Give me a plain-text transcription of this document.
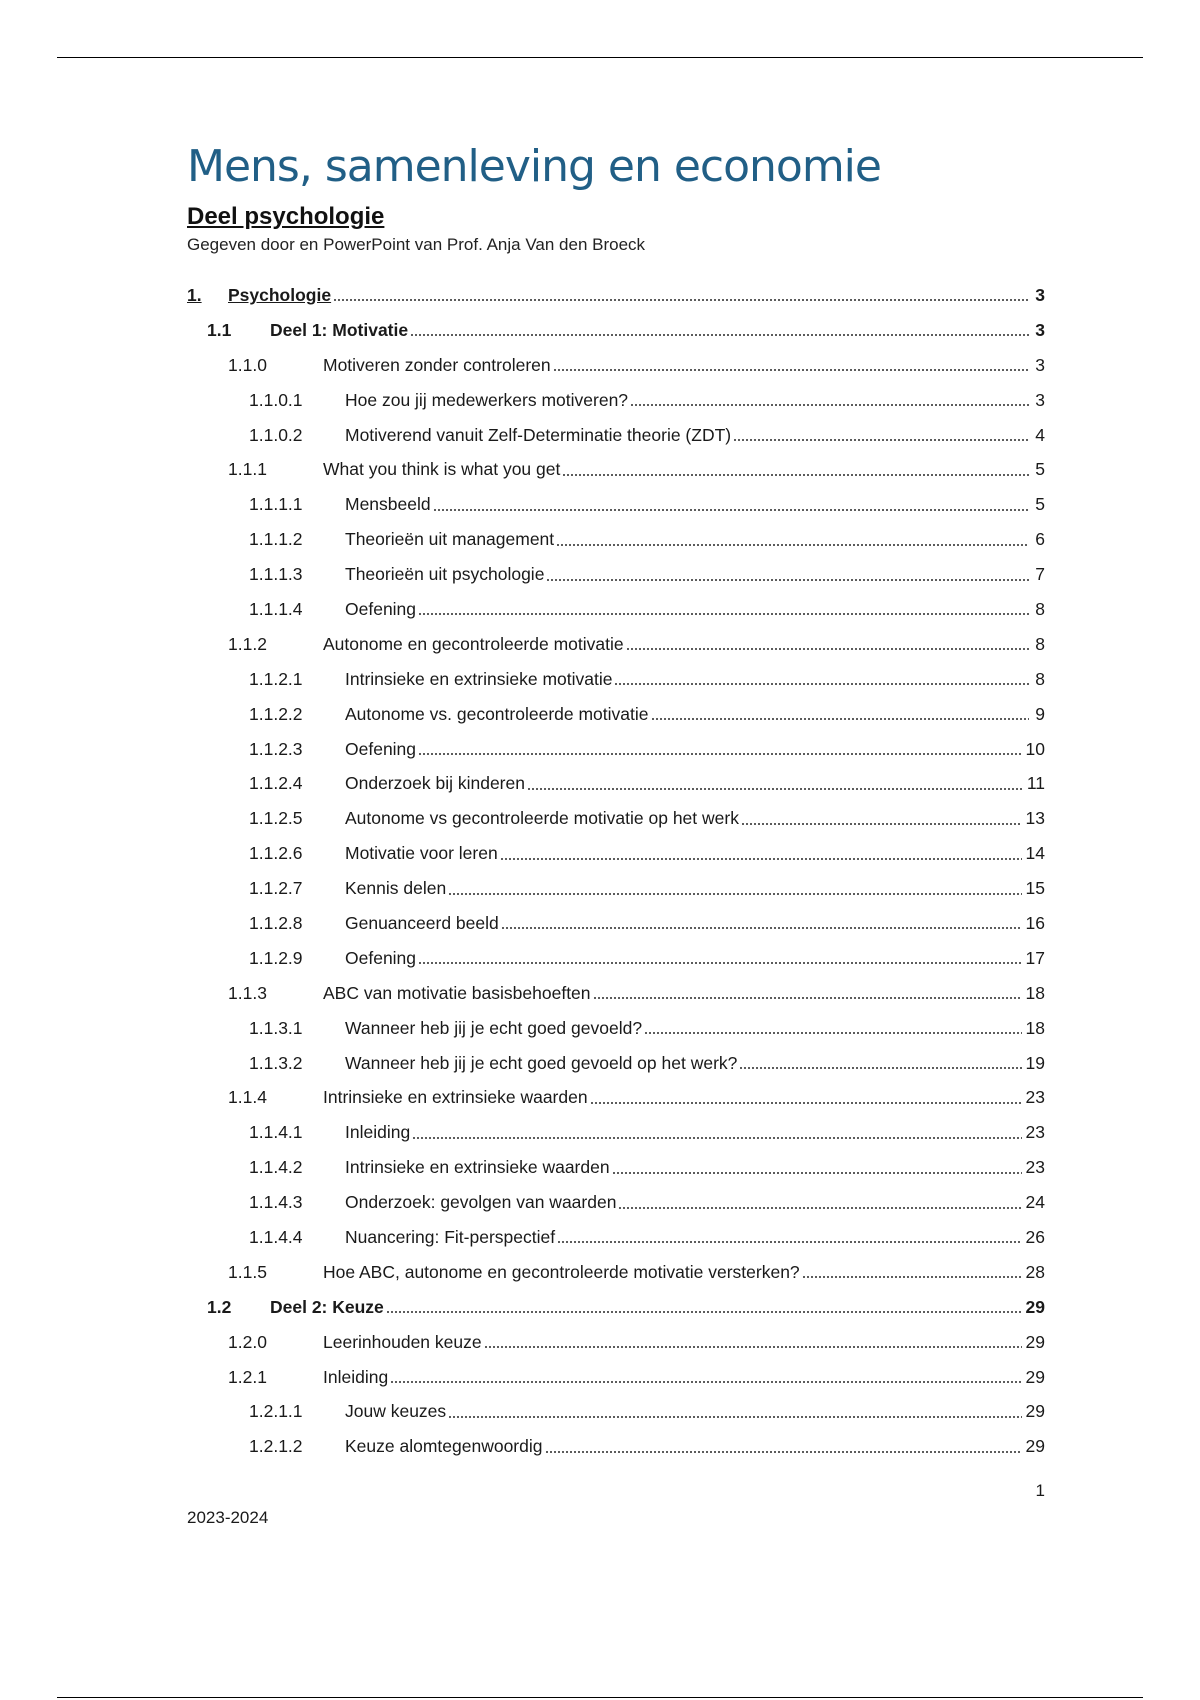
Mens, samenleving en economie
Deel psychologie
Gegeven door en PowerPoint van Prof. Anja Van den Broeck
1.	Psychologie	3
1.1	Deel 1: Motivatie	3
1.1.0	Motiveren zonder controleren	3
1.1.0.1	Hoe zou jij medewerkers motiveren?	3
1.1.0.2	Motiverend vanuit Zelf-Determinatie theorie (ZDT)	4
1.1.1	What you think is what you get	5
1.1.1.1	Mensbeeld	5
1.1.1.2	Theorieën uit management	6
1.1.1.3	Theorieën uit psychologie	7
1.1.1.4	Oefening	8
1.1.2	Autonome en gecontroleerde motivatie	8
1.1.2.1	Intrinsieke en extrinsieke motivatie	8
1.1.2.2	Autonome vs. gecontroleerde motivatie	9
1.1.2.3	Oefening	10
1.1.2.4	Onderzoek bij kinderen	11
1.1.2.5	Autonome vs gecontroleerde motivatie op het werk	13
1.1.2.6	Motivatie voor leren	14
1.1.2.7	Kennis delen	15
1.1.2.8	Genuanceerd beeld	16
1.1.2.9	Oefening	17
1.1.3	ABC van motivatie basisbehoeften	18
1.1.3.1	Wanneer heb jij je echt goed gevoeld?	18
1.1.3.2	Wanneer heb jij je echt goed gevoeld op het werk?	19
1.1.4	Intrinsieke en extrinsieke waarden	23
1.1.4.1	Inleiding	23
1.1.4.2	Intrinsieke en extrinsieke waarden	23
1.1.4.3	Onderzoek: gevolgen van waarden	24
1.1.4.4	Nuancering: Fit-perspectief	26
1.1.5	Hoe ABC, autonome en gecontroleerde motivatie versterken?	28
1.2	Deel 2: Keuze	29
1.2.0	Leerinhouden keuze	29
1.2.1	Inleiding	29
1.2.1.1	Jouw keuzes	29
1.2.1.2	Keuze alomtegenwoordig	29
1
2023-2024
